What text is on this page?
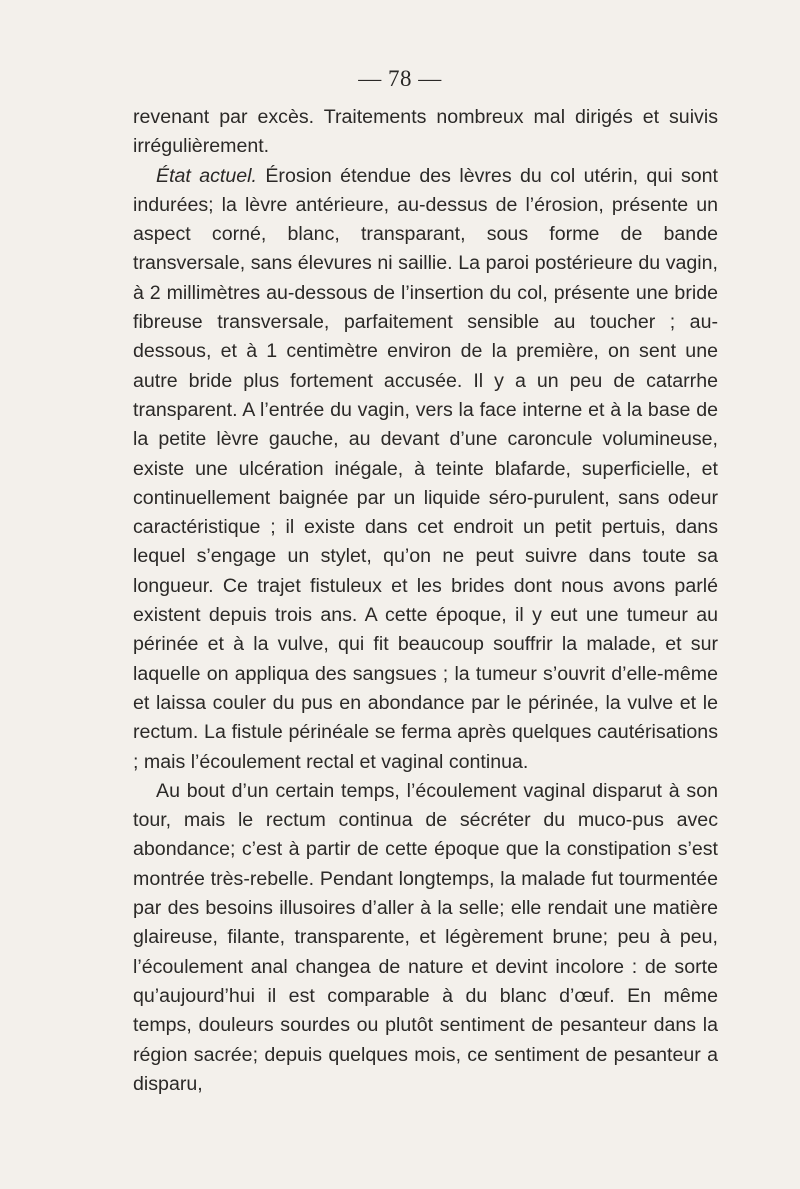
— 78 —

revenant par excès. Traitements nombreux mal dirigés et suivis irrégulièrement.

État actuel. Érosion étendue des lèvres du col utérin, qui sont indurées; la lèvre antérieure, au-dessus de l’érosion, présente un aspect corné, blanc, transparant, sous forme de bande transversale, sans élevures ni saillie. La paroi postérieure du vagin, à 2 millimètres au-dessous de l’insertion du col, présente une bride fibreuse transversale, parfaitement sensible au toucher ; au-dessous, et à 1 centimètre environ de la première, on sent une autre bride plus fortement accusée. Il y a un peu de catarrhe transparent. A l’entrée du vagin, vers la face interne et à la base de la petite lèvre gauche, au devant d’une caroncule volumineuse, existe une ulcération inégale, à teinte blafarde, superficielle, et continuellement baignée par un liquide séro-purulent, sans odeur caractéristique ; il existe dans cet endroit un petit pertuis, dans lequel s’engage un stylet, qu’on ne peut suivre dans toute sa longueur. Ce trajet fistuleux et les brides dont nous avons parlé existent depuis trois ans. A cette époque, il y eut une tumeur au périnée et à la vulve, qui fit beaucoup souffrir la malade, et sur laquelle on appliqua des sangsues ; la tumeur s’ouvrit d’elle-même et laissa couler du pus en abondance par le périnée, la vulve et le rectum. La fistule périnéale se ferma après quelques cautérisations ; mais l’écoulement rectal et vaginal continua.

Au bout d’un certain temps, l’écoulement vaginal disparut à son tour, mais le rectum continua de sécréter du muco-pus avec abondance; c’est à partir de cette époque que la constipation s’est montrée très-rebelle. Pendant longtemps, la malade fut tourmentée par des besoins illusoires d’aller à la selle; elle rendait une matière glaireuse, filante, transparente, et légèrement brune; peu à peu, l’écoulement anal changea de nature et devint incolore : de sorte qu’aujourd’hui il est comparable à du blanc d’œuf. En même temps, douleurs sourdes ou plutôt sentiment de pesanteur dans la région sacrée; depuis quelques mois, ce sentiment de pesanteur a disparu,
